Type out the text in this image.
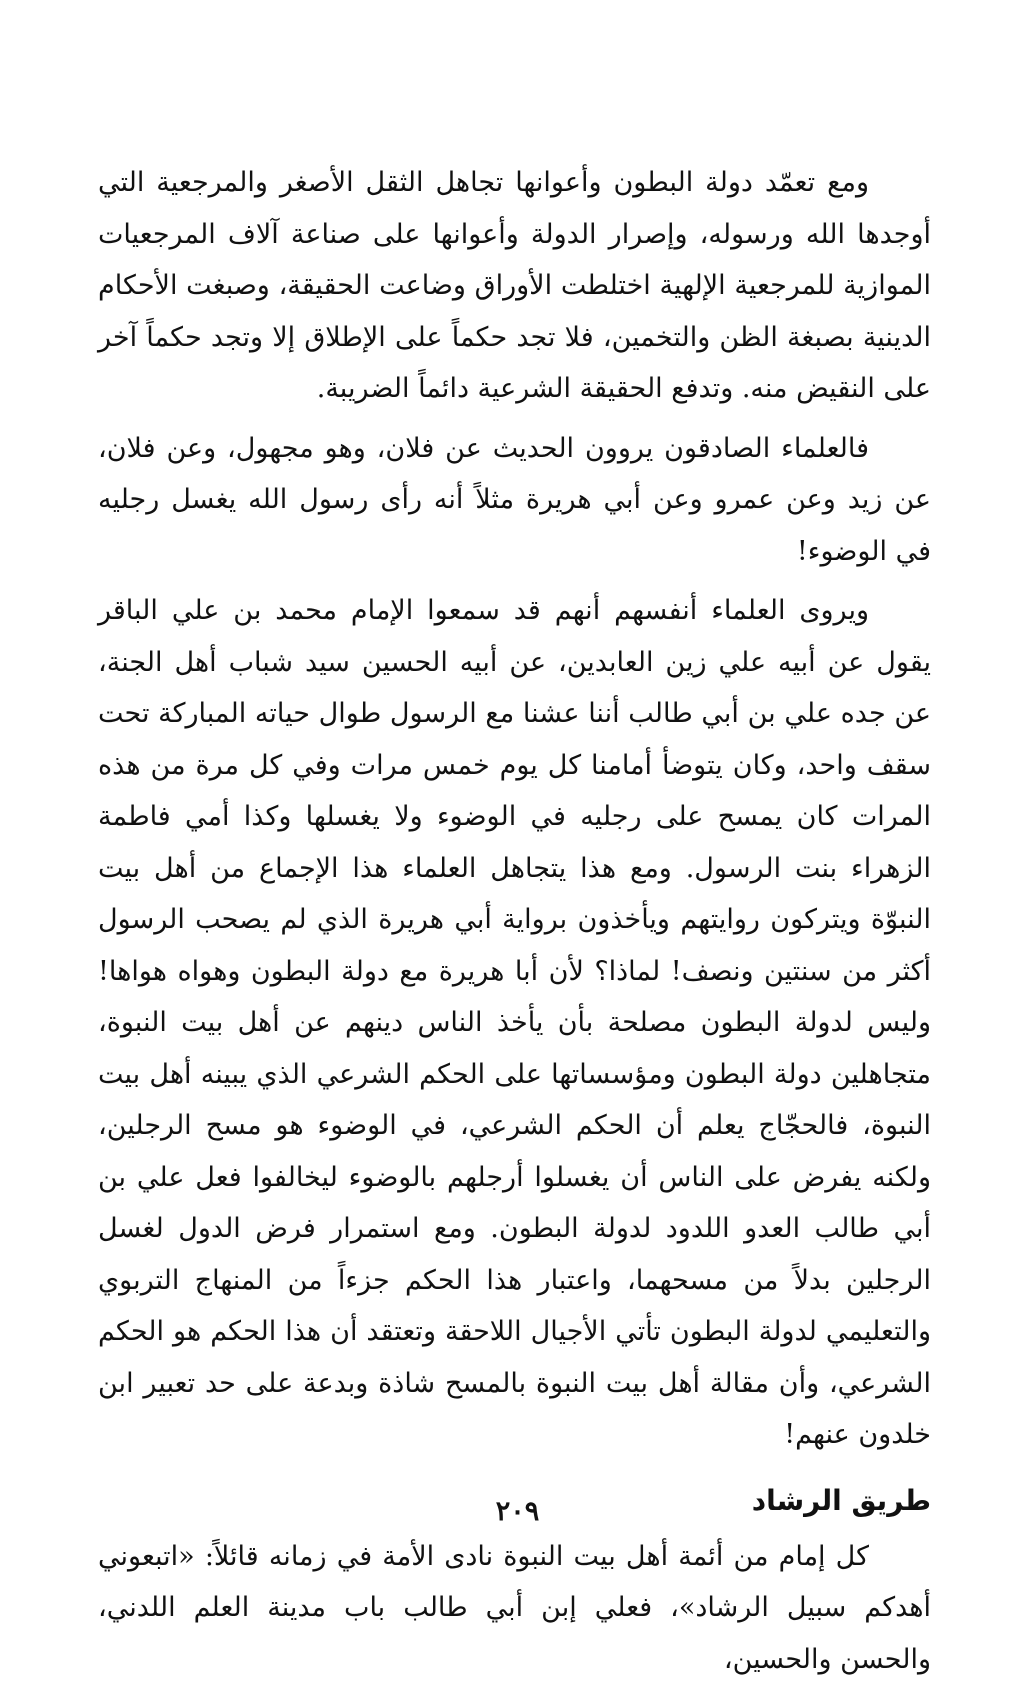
ومع تعمّد دولة البطون وأعوانها تجاهل الثقل الأصغر والمرجعية التي أوجدها الله ورسوله، وإصرار الدولة وأعوانها على صناعة آلاف المرجعيات الموازية للمرجعية الإلهية اختلطت الأوراق وضاعت الحقيقة، وصبغت الأحكام الدينية بصبغة الظن والتخمين، فلا تجد حكماً على الإطلاق إلا وتجد حكماً آخر على النقيض منه. وتدفع الحقيقة الشرعية دائماً الضريبة.

فالعلماء الصادقون يروون الحديث عن فلان، وهو مجهول، وعن فلان، عن زيد وعن عمرو وعن أبي هريرة مثلاً أنه رأى رسول الله يغسل رجليه في الوضوء!

ويروى العلماء أنفسهم أنهم قد سمعوا الإمام محمد بن علي الباقر يقول عن أبيه علي زين العابدين، عن أبيه الحسين سيد شباب أهل الجنة، عن جده علي بن أبي طالب أننا عشنا مع الرسول طوال حياته المباركة تحت سقف واحد، وكان يتوضأ أمامنا كل يوم خمس مرات وفي كل مرة من هذه المرات كان يمسح على رجليه في الوضوء ولا يغسلها وكذا أمي فاطمة الزهراء بنت الرسول. ومع هذا يتجاهل العلماء هذا الإجماع من أهل بيت النبوّة ويتركون روايتهم ويأخذون برواية أبي هريرة الذي لم يصحب الرسول أكثر من سنتين ونصف! لماذا؟ لأن أبا هريرة مع دولة البطون وهواه هواها! وليس لدولة البطون مصلحة بأن يأخذ الناس دينهم عن أهل بيت النبوة، متجاهلين دولة البطون ومؤسساتها على الحكم الشرعي الذي يبينه أهل بيت النبوة، فالحجّاج يعلم أن الحكم الشرعي، في الوضوء هو مسح الرجلين، ولكنه يفرض على الناس أن يغسلوا أرجلهم بالوضوء ليخالفوا فعل علي بن أبي طالب العدو اللدود لدولة البطون. ومع استمرار فرض الدول لغسل الرجلين بدلاً من مسحهما، واعتبار هذا الحكم جزءاً من المنهاج التربوي والتعليمي لدولة البطون تأتي الأجيال اللاحقة وتعتقد أن هذا الحكم هو الحكم الشرعي، وأن مقالة أهل بيت النبوة بالمسح شاذة وبدعة على حد تعبير ابن خلدون عنهم!

طريق الرشاد

كل إمام من أئمة أهل بيت النبوة نادى الأمة في زمانه قائلاً: «اتبعوني أهدكم سبيل الرشاد»، فعلي إبن أبي طالب باب مدينة العلم اللدني، والحسن والحسين،

٢٠٩
